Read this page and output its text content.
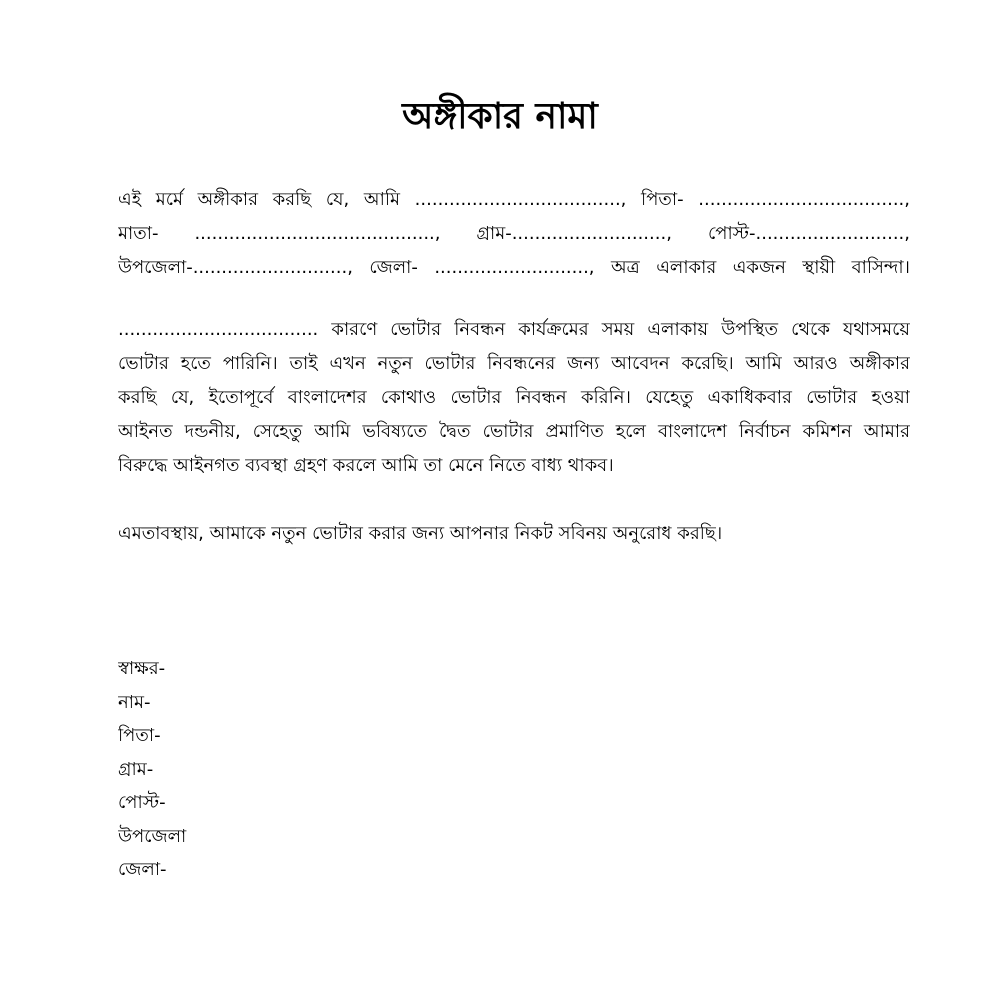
অঙ্গীকার নামা
এই মর্মে অঙ্গীকার করছি যে, আমি ...................................., পিতা- ....................................,
মাতা- .........................................., গ্রাম-..........................., পোস্ট-..........................,
উপজেলা-..........................., জেলা- ..........................., অত্র এলাকার একজন স্থায়ী বাসিন্দা।
................................... কারণে ভোটার নিবন্ধন কার্যক্রমের সময় এলাকায় উপস্থিত থেকে যথাসময়ে
ভোটার হতে পারিনি। তাই এখন নতুন ভোটার নিবন্ধনের জন্য আবেদন করেছি। আমি আরও অঙ্গীকার
করছি যে, ইতোপূর্বে বাংলাদেশর কোথাও ভোটার নিবন্ধন করিনি। যেহেতু একাধিকবার ভোটার হওয়া
আইনত দন্ডনীয়, সেহেতু আমি ভবিষ্যতে দ্বৈত ভোটার প্রমাণিত হলে বাংলাদেশ নির্বাচন কমিশন আমার
বিরুদ্ধে আইনগত ব্যবস্থা গ্রহণ করলে আমি তা মেনে নিতে বাধ্য থাকব।
এমতাবস্থায়, আমাকে নতুন ভোটার করার জন্য আপনার নিকট সবিনয় অনুরোধ করছি।
স্বাক্ষর-
নাম-
পিতা-
গ্রাম-
পোস্ট-
উপজেলা
জেলা-
